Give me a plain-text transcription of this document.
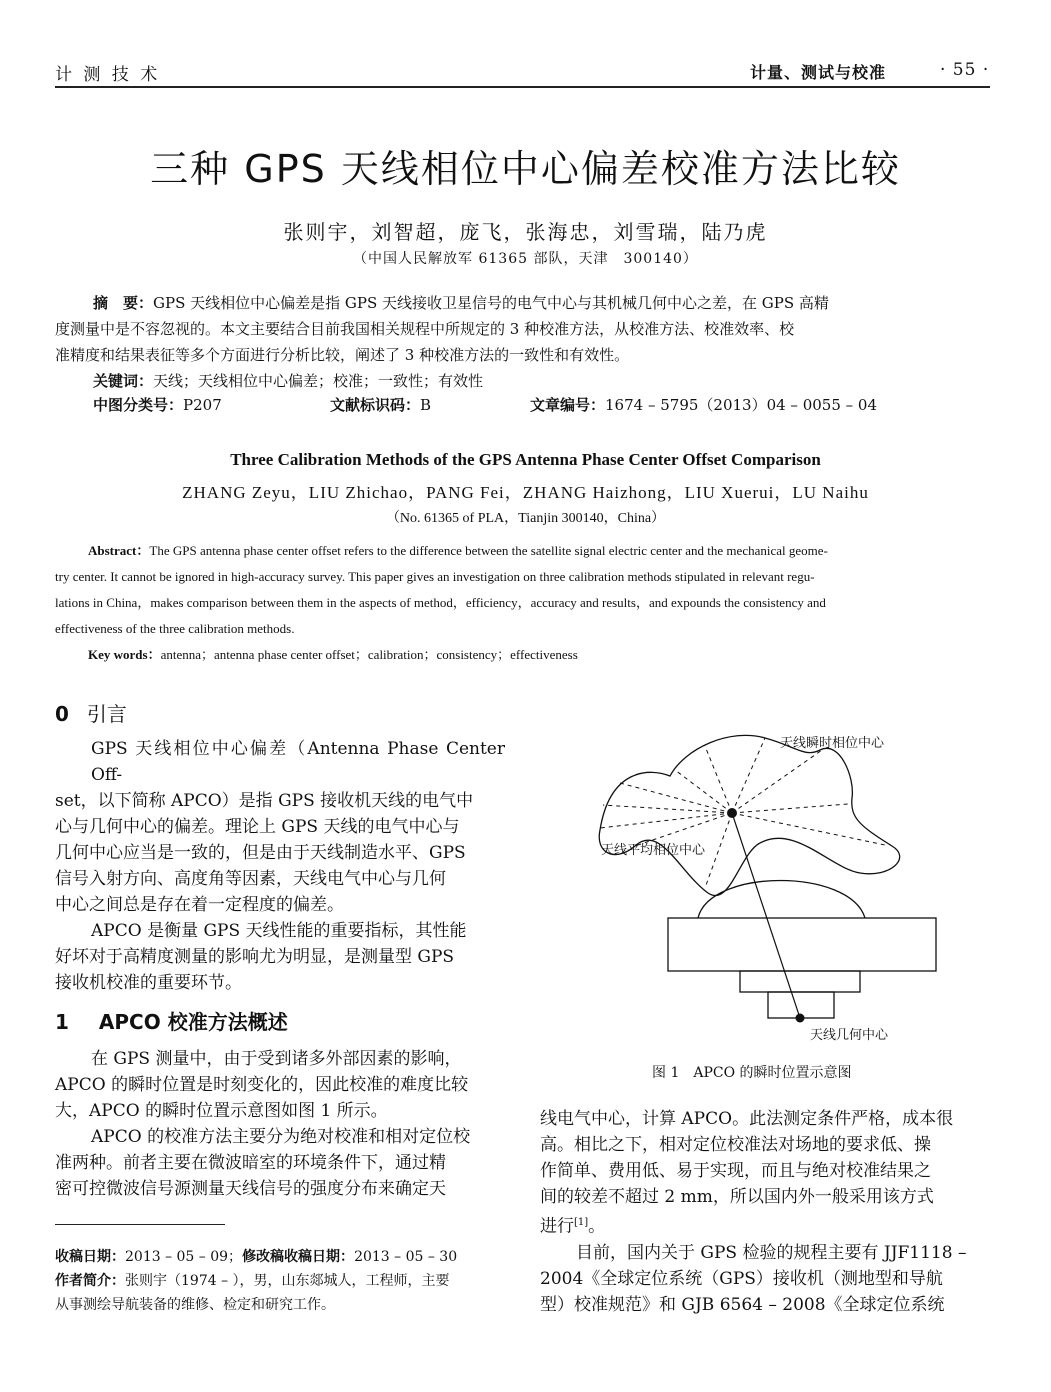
计 测 技 术	计量、测试与校准	· 55 ·
三种 GPS 天线相位中心偏差校准方法比较
张则宇，刘智超，庞飞，张海忠，刘雪瑞，陆乃虎
（中国人民解放军 61365 部队，天津　300140）
摘　要：GPS 天线相位中心偏差是指 GPS 天线接收卫星信号的电气中心与其机械几何中心之差，在 GPS 高精
度测量中是不容忽视的。本文主要结合目前我国相关规程中所规定的 3 种校准方法，从校准方法、校准效率、校
准精度和结果表征等多个方面进行分析比较，阐述了 3 种校准方法的一致性和有效性。
关键词：天线；天线相位中心偏差；校准；一致性；有效性
中图分类号：P207	文献标识码：B	文章编号：1674 – 5795（2013）04 – 0055 – 04
Three Calibration Methods of the GPS Antenna Phase Center Offset Comparison
ZHANG Zeyu，LIU Zhichao，PANG Fei，ZHANG Haizhong，LIU Xuerui，LU Naihu
（No. 61365 of PLA，Tianjin 300140，China）
Abstract：The GPS antenna phase center offset refers to the difference between the satellite signal electric center and the mechanical geome-
try center. It cannot be ignored in high-accuracy survey. This paper gives an investigation on three calibration methods stipulated in relevant regu-
lations in China，makes comparison between them in the aspects of method，efficiency，accuracy and results，and expounds the consistency and
effectiveness of the three calibration methods.
Key words：antenna；antenna phase center offset；calibration；consistency；effectiveness
0 引言
GPS 天线相位中心偏差（Antenna Phase Center Off-
set，以下简称 APCO）是指 GPS 接收机天线的电气中
心与几何中心的偏差。理论上 GPS 天线的电气中心与
几何中心应当是一致的，但是由于天线制造水平、GPS
信号入射方向、高度角等因素，天线电气中心与几何
中心之间总是存在着一定程度的偏差。
APCO 是衡量 GPS 天线性能的重要指标，其性能
好坏对于高精度测量的影响尤为明显，是测量型 GPS
接收机校准的重要环节。
1 APCO 校准方法概述
在 GPS 测量中，由于受到诸多外部因素的影响，
APCO 的瞬时位置是时刻变化的，因此校准的难度比较
大，APCO 的瞬时位置示意图如图 1 所示。
APCO 的校准方法主要分为绝对校准和相对定位校
准两种。前者主要在微波暗室的环境条件下，通过精
密可控微波信号源测量天线信号的强度分布来确定天
收稿日期：2013 – 05 – 09；修改稿收稿日期：2013 – 05 – 30
作者简介：张则宇（1974 – ），男，山东郯城人，工程师，主要
从事测绘导航装备的维修、检定和研究工作。
天线瞬时相位中心
天线平均相位中心
天线几何中心
图 1　APCO 的瞬时位置示意图
线电气中心，计算 APCO。此法测定条件严格，成本很
高。相比之下，相对定位校准法对场地的要求低、操
作简单、费用低、易于实现，而且与绝对校准结果之
间的较差不超过 2 mm，所以国内外一般采用该方式
进行[1]。
目前，国内关于 GPS 检验的规程主要有 JJF1118 –
2004《全球定位系统（GPS）接收机（测地型和导航
型）校准规范》和 GJB 6564 – 2008《全球定位系统
